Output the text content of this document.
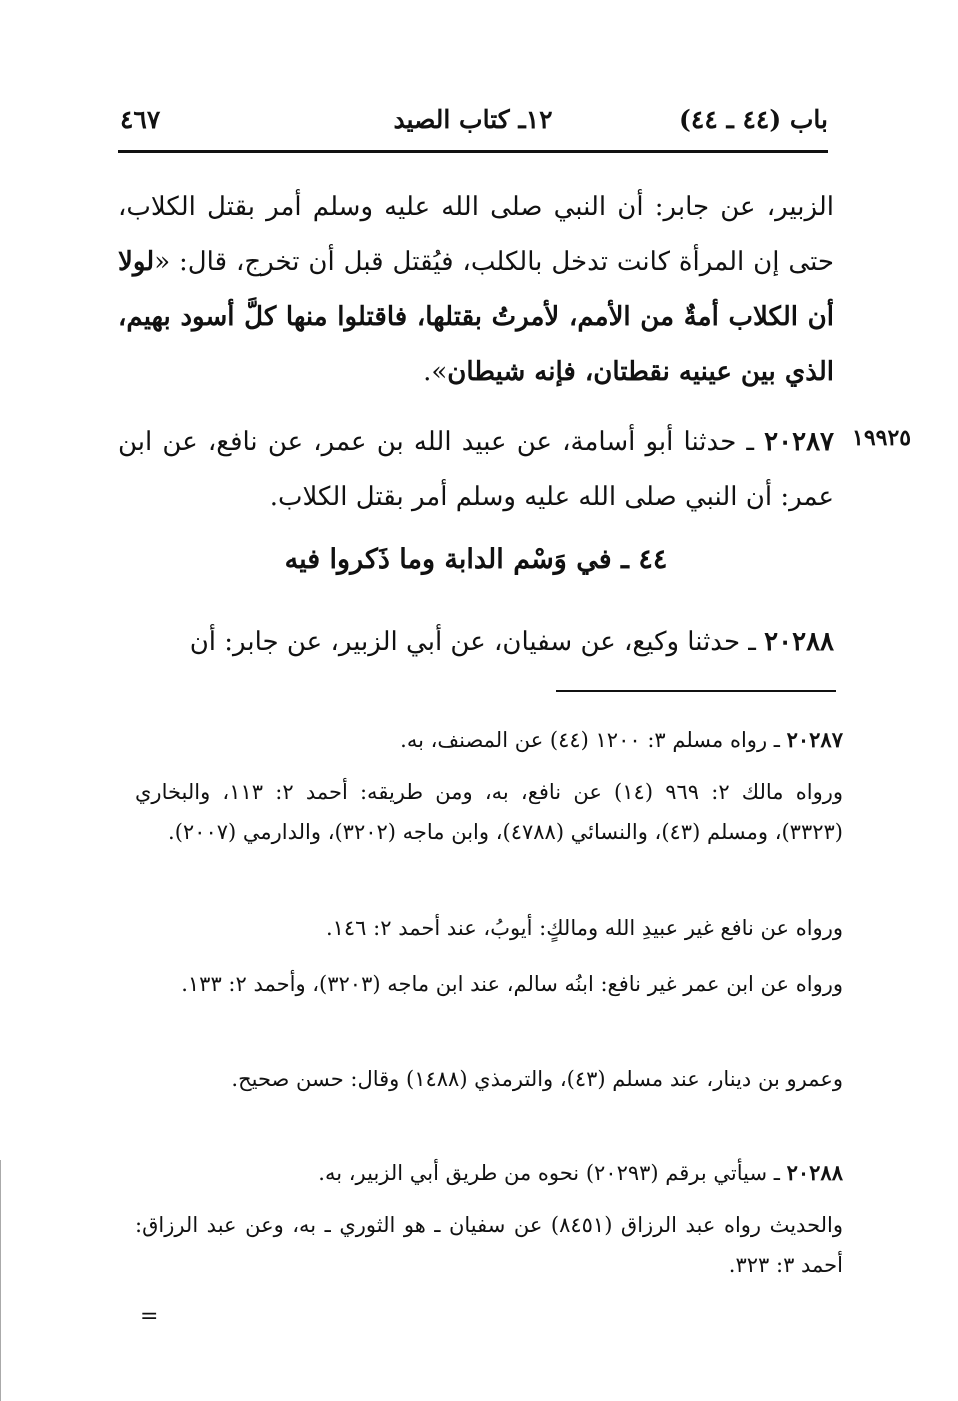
باب (٤٤ ـ ٤٤)
١٢ـ كتاب الصيد
٤٦٧
الزبير، عن جابر: أن النبي صلى الله عليه وسلم أمر بقتل الكلاب، حتى إن المرأة كانت تدخل بالكلب، فيُقتل قبل أن تخرج، قال: «لولا أن الكلاب أمةٌ من الأمم، لأمرتُ بقتلها، فاقتلوا منها كلَّ أسود بهيم، الذي بين عينيه نقطتان، فإنه شيطان».
١٩٩٢٥
٢٠٢٨٧ ـ حدثنا أبو أسامة، عن عبيد الله بن عمر، عن نافع، عن ابن عمر: أن النبي صلى الله عليه وسلم أمر بقتل الكلاب.
٤٤ ـ في وَسْم الدابة وما ذَكروا فيه
٢٠٢٨٨ ـ حدثنا وكيع، عن سفيان، عن أبي الزبير، عن جابر: أن
٢٠٢٨٧ ـ رواه مسلم ٣: ١٢٠٠ (٤٤) عن المصنف، به.
ورواه مالك ٢: ٩٦٩ (١٤) عن نافع، به، ومن طريقه: أحمد ٢: ١١٣، والبخاري (٣٣٢٣)، ومسلم (٤٣)، والنسائي (٤٧٨٨)، وابن ماجه (٣٢٠٢)، والدارمي (٢٠٠٧).
ورواه عن نافع غير عبيدِ الله ومالكٍ: أيوبُ، عند أحمد ٢: ١٤٦.
ورواه عن ابن عمر غير نافع: ابنُه سالم، عند ابن ماجه (٣٢٠٣)، وأحمد ٢: ١٣٣.
وعمرو بن دينار، عند مسلم (٤٣)، والترمذي (١٤٨٨) وقال: حسن صحيح.
٢٠٢٨٨ ـ سيأتي برقم (٢٠٢٩٣) نحوه من طريق أبي الزبير، به.
والحديث رواه عبد الرزاق (٨٤٥١) عن سفيان ـ هو الثوري ـ به، وعن عبد الرزاق: أحمد ٣: ٣٢٣.
=
